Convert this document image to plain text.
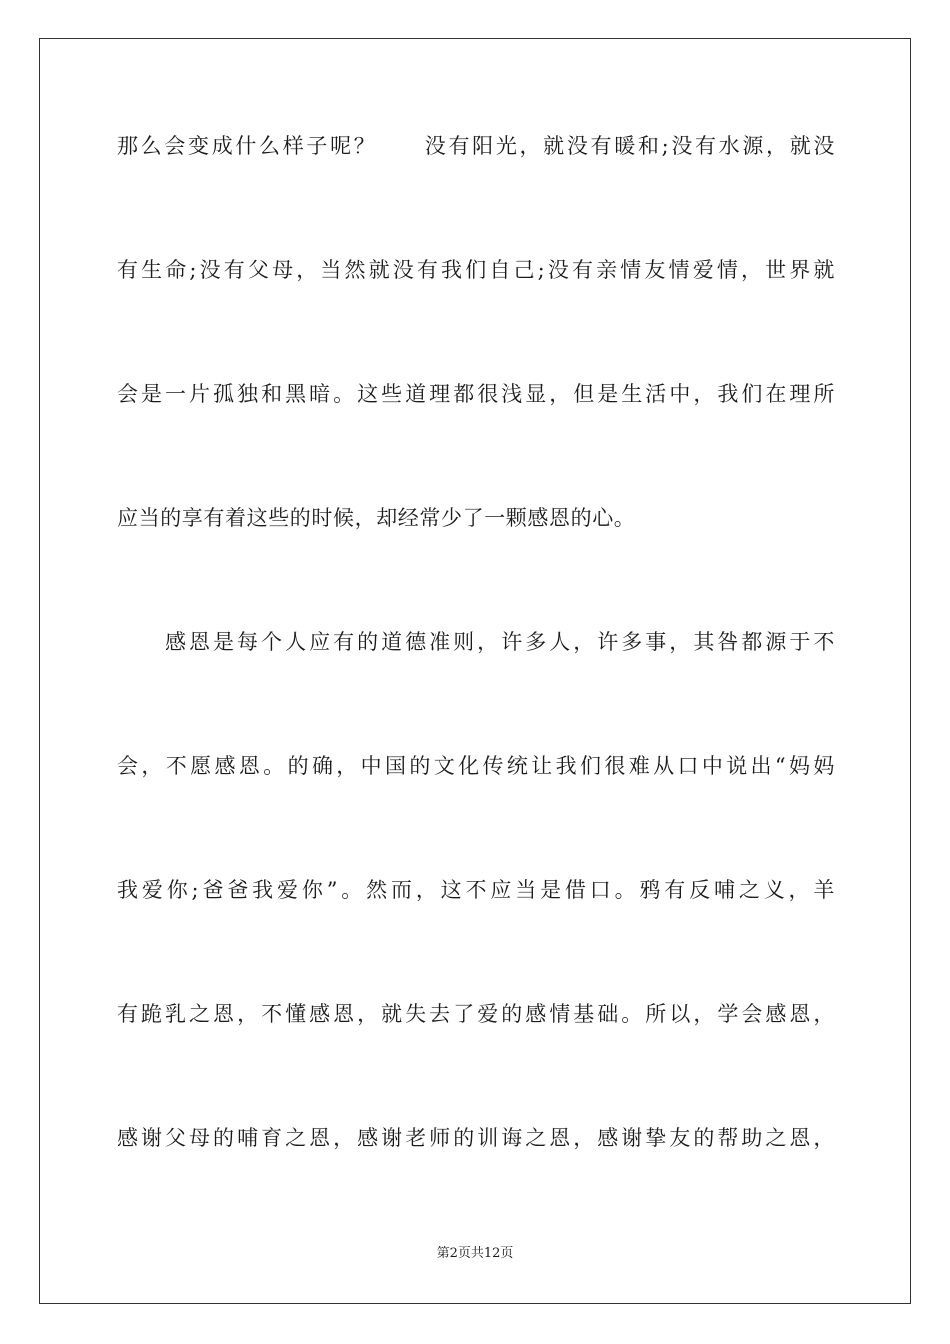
那么会变成什么样子呢？　　没有阳光，就没有暖和;没有水源，就没
有生命;没有父母，当然就没有我们自己;没有亲情友情爱情，世界就
会是一片孤独和黑暗。这些道理都很浅显，但是生活中，我们在理所
应当的享有着这些的时候，却经常少了一颗感恩的心。
感恩是每个人应有的道德准则，许多人，许多事，其咎都源于不
会，不愿感恩。的确，中国的文化传统让我们很难从口中说出“妈妈
我爱你;爸爸我爱你”。然而，这不应当是借口。鸦有反哺之义，羊
有跪乳之恩，不懂感恩，就失去了爱的感情基础。所以，学会感恩，
感谢父母的哺育之恩，感谢老师的训诲之恩，感谢挚友的帮助之恩，
第2页共12页
